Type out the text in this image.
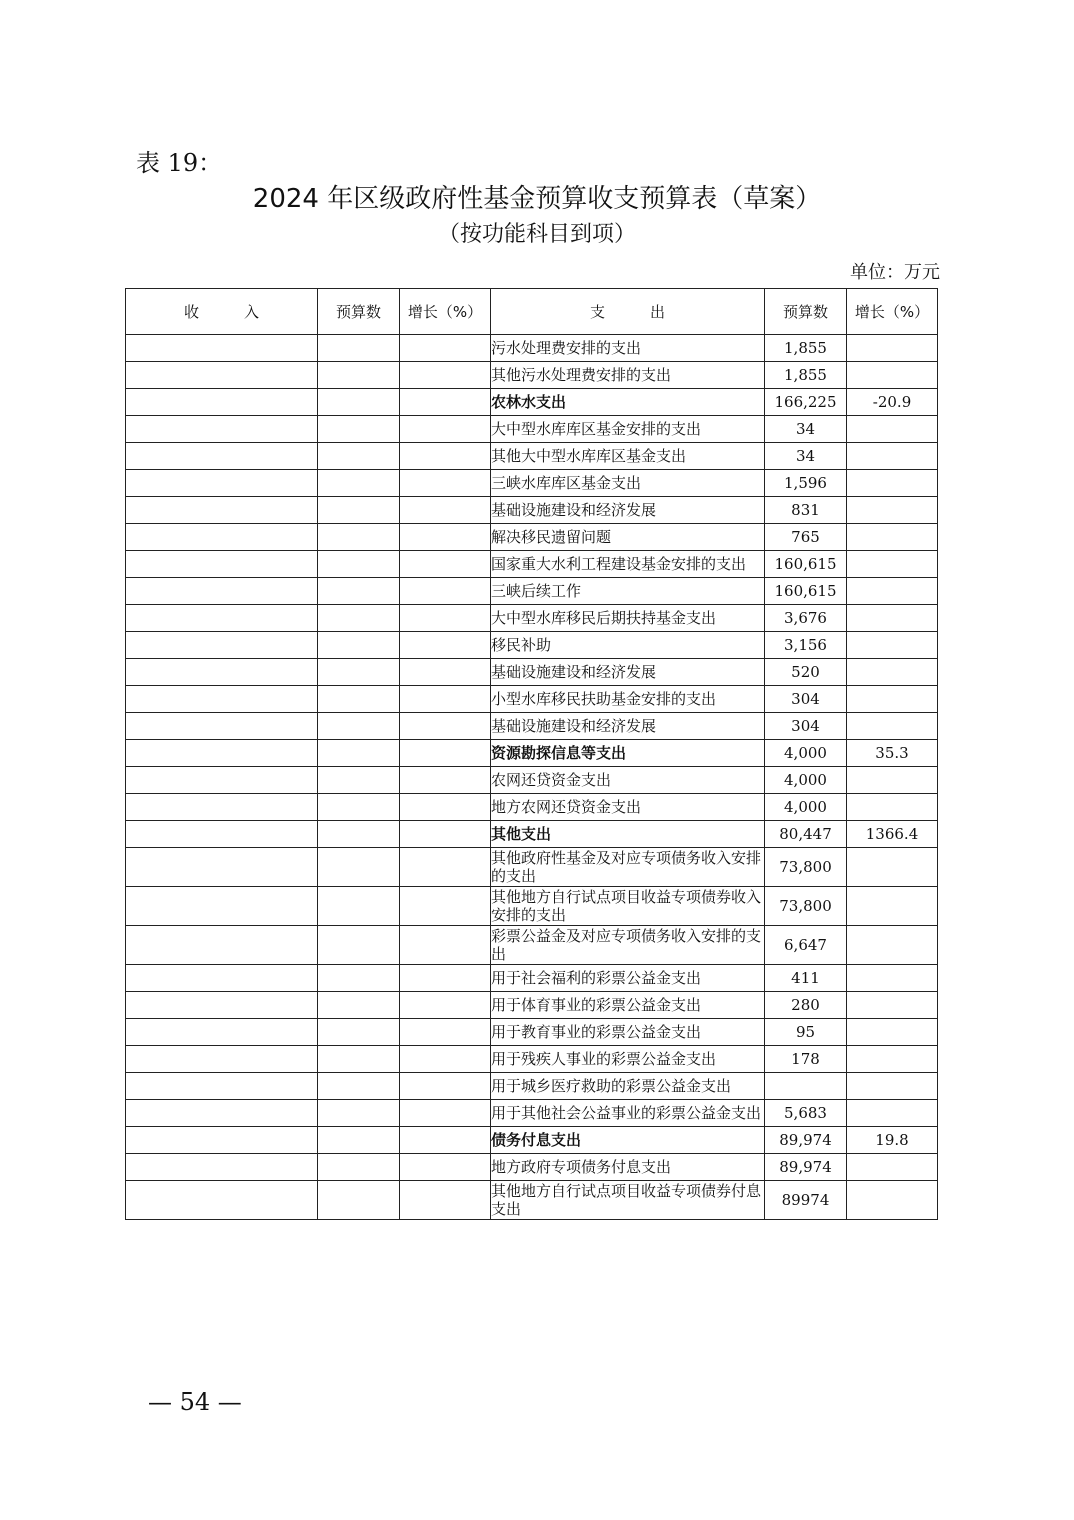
表 19：
2024 年区级政府性基金预算收支预算表（草案）
（按功能科目到项）
单位：万元
收　　　入	预算数	增长（%）	支　　　出	预算数	增长（%）
			污水处理费安排的支出	1,855	
			其他污水处理费安排的支出	1,855	
			农林水支出	166,225	-20.9
			大中型水库库区基金安排的支出	34	
			其他大中型水库库区基金支出	34	
			三峡水库库区基金支出	1,596	
			基础设施建设和经济发展	831	
			解决移民遗留问题	765	
			国家重大水利工程建设基金安排的支出	160,615	
			三峡后续工作	160,615	
			大中型水库移民后期扶持基金支出	3,676	
			移民补助	3,156	
			基础设施建设和经济发展	520	
			小型水库移民扶助基金安排的支出	304	
			基础设施建设和经济发展	304	
			资源勘探信息等支出	4,000	35.3
			农网还贷资金支出	4,000	
			地方农网还贷资金支出	4,000	
			其他支出	80,447	1366.4
			其他政府性基金及对应专项债务收入安排的支出	73,800	
			其他地方自行试点项目收益专项债券收入安排的支出	73,800	
			彩票公益金及对应专项债务收入安排的支出	6,647	
			用于社会福利的彩票公益金支出	411	
			用于体育事业的彩票公益金支出	280	
			用于教育事业的彩票公益金支出	95	
			用于残疾人事业的彩票公益金支出	178	
			用于城乡医疗救助的彩票公益金支出		
			用于其他社会公益事业的彩票公益金支出	5,683	
			债务付息支出	89,974	19.8
			地方政府专项债务付息支出	89,974	
			其他地方自行试点项目收益专项债券付息支出	89974	
— 54 —
